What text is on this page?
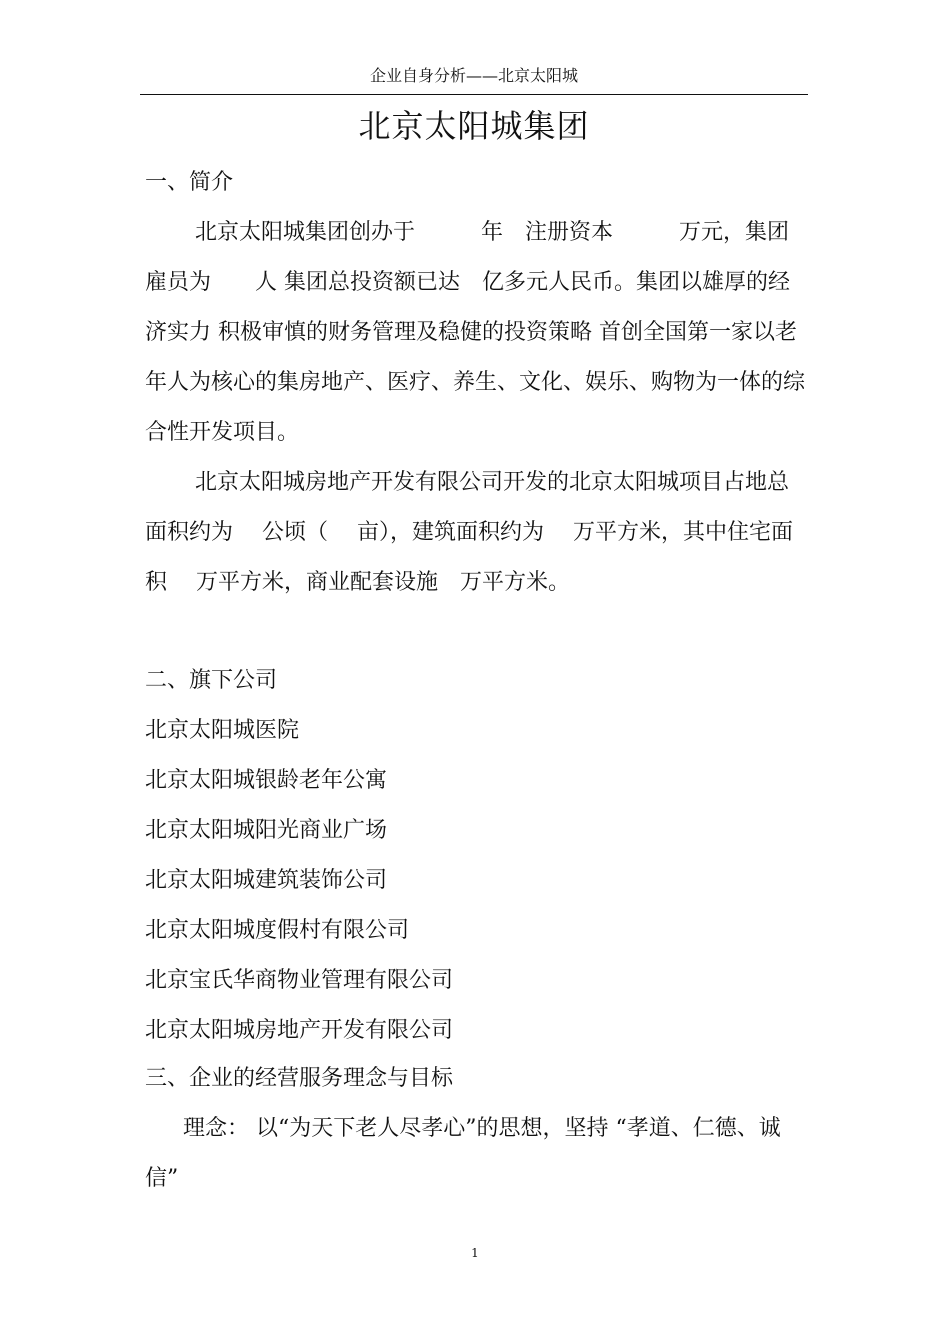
企业自身分析——北京太阳城
北京太阳城集团
一、简介

北京太阳城集团创办于　　　年　注册资本　　　万元，集团雇员为　　人 集团总投资额已达　亿多元人民币。集团以雄厚的经济实力 积极审慎的财务管理及稳健的投资策略 首创全国第一家以老年人为核心的集房地产、医疗、养生、文化、娱乐、购物为一体的综合性开发项目。

北京太阳城房地产开发有限公司开发的北京太阳城项目占地总面积约为　 公顷（　 亩），建筑面积约为　 万平方米，其中住宅面积　 万平方米，商业配套设施　万平方米。

二、旗下公司
北京太阳城医院
北京太阳城银龄老年公寓
北京太阳城阳光商业广场
北京太阳城建筑装饰公司
北京太阳城度假村有限公司
北京宝氏华商物业管理有限公司
北京太阳城房地产开发有限公司
三、企业的经营服务理念与目标

理念： 以“为天下老人尽孝心”的思想，坚持 “孝道、仁德、诚信”

1
